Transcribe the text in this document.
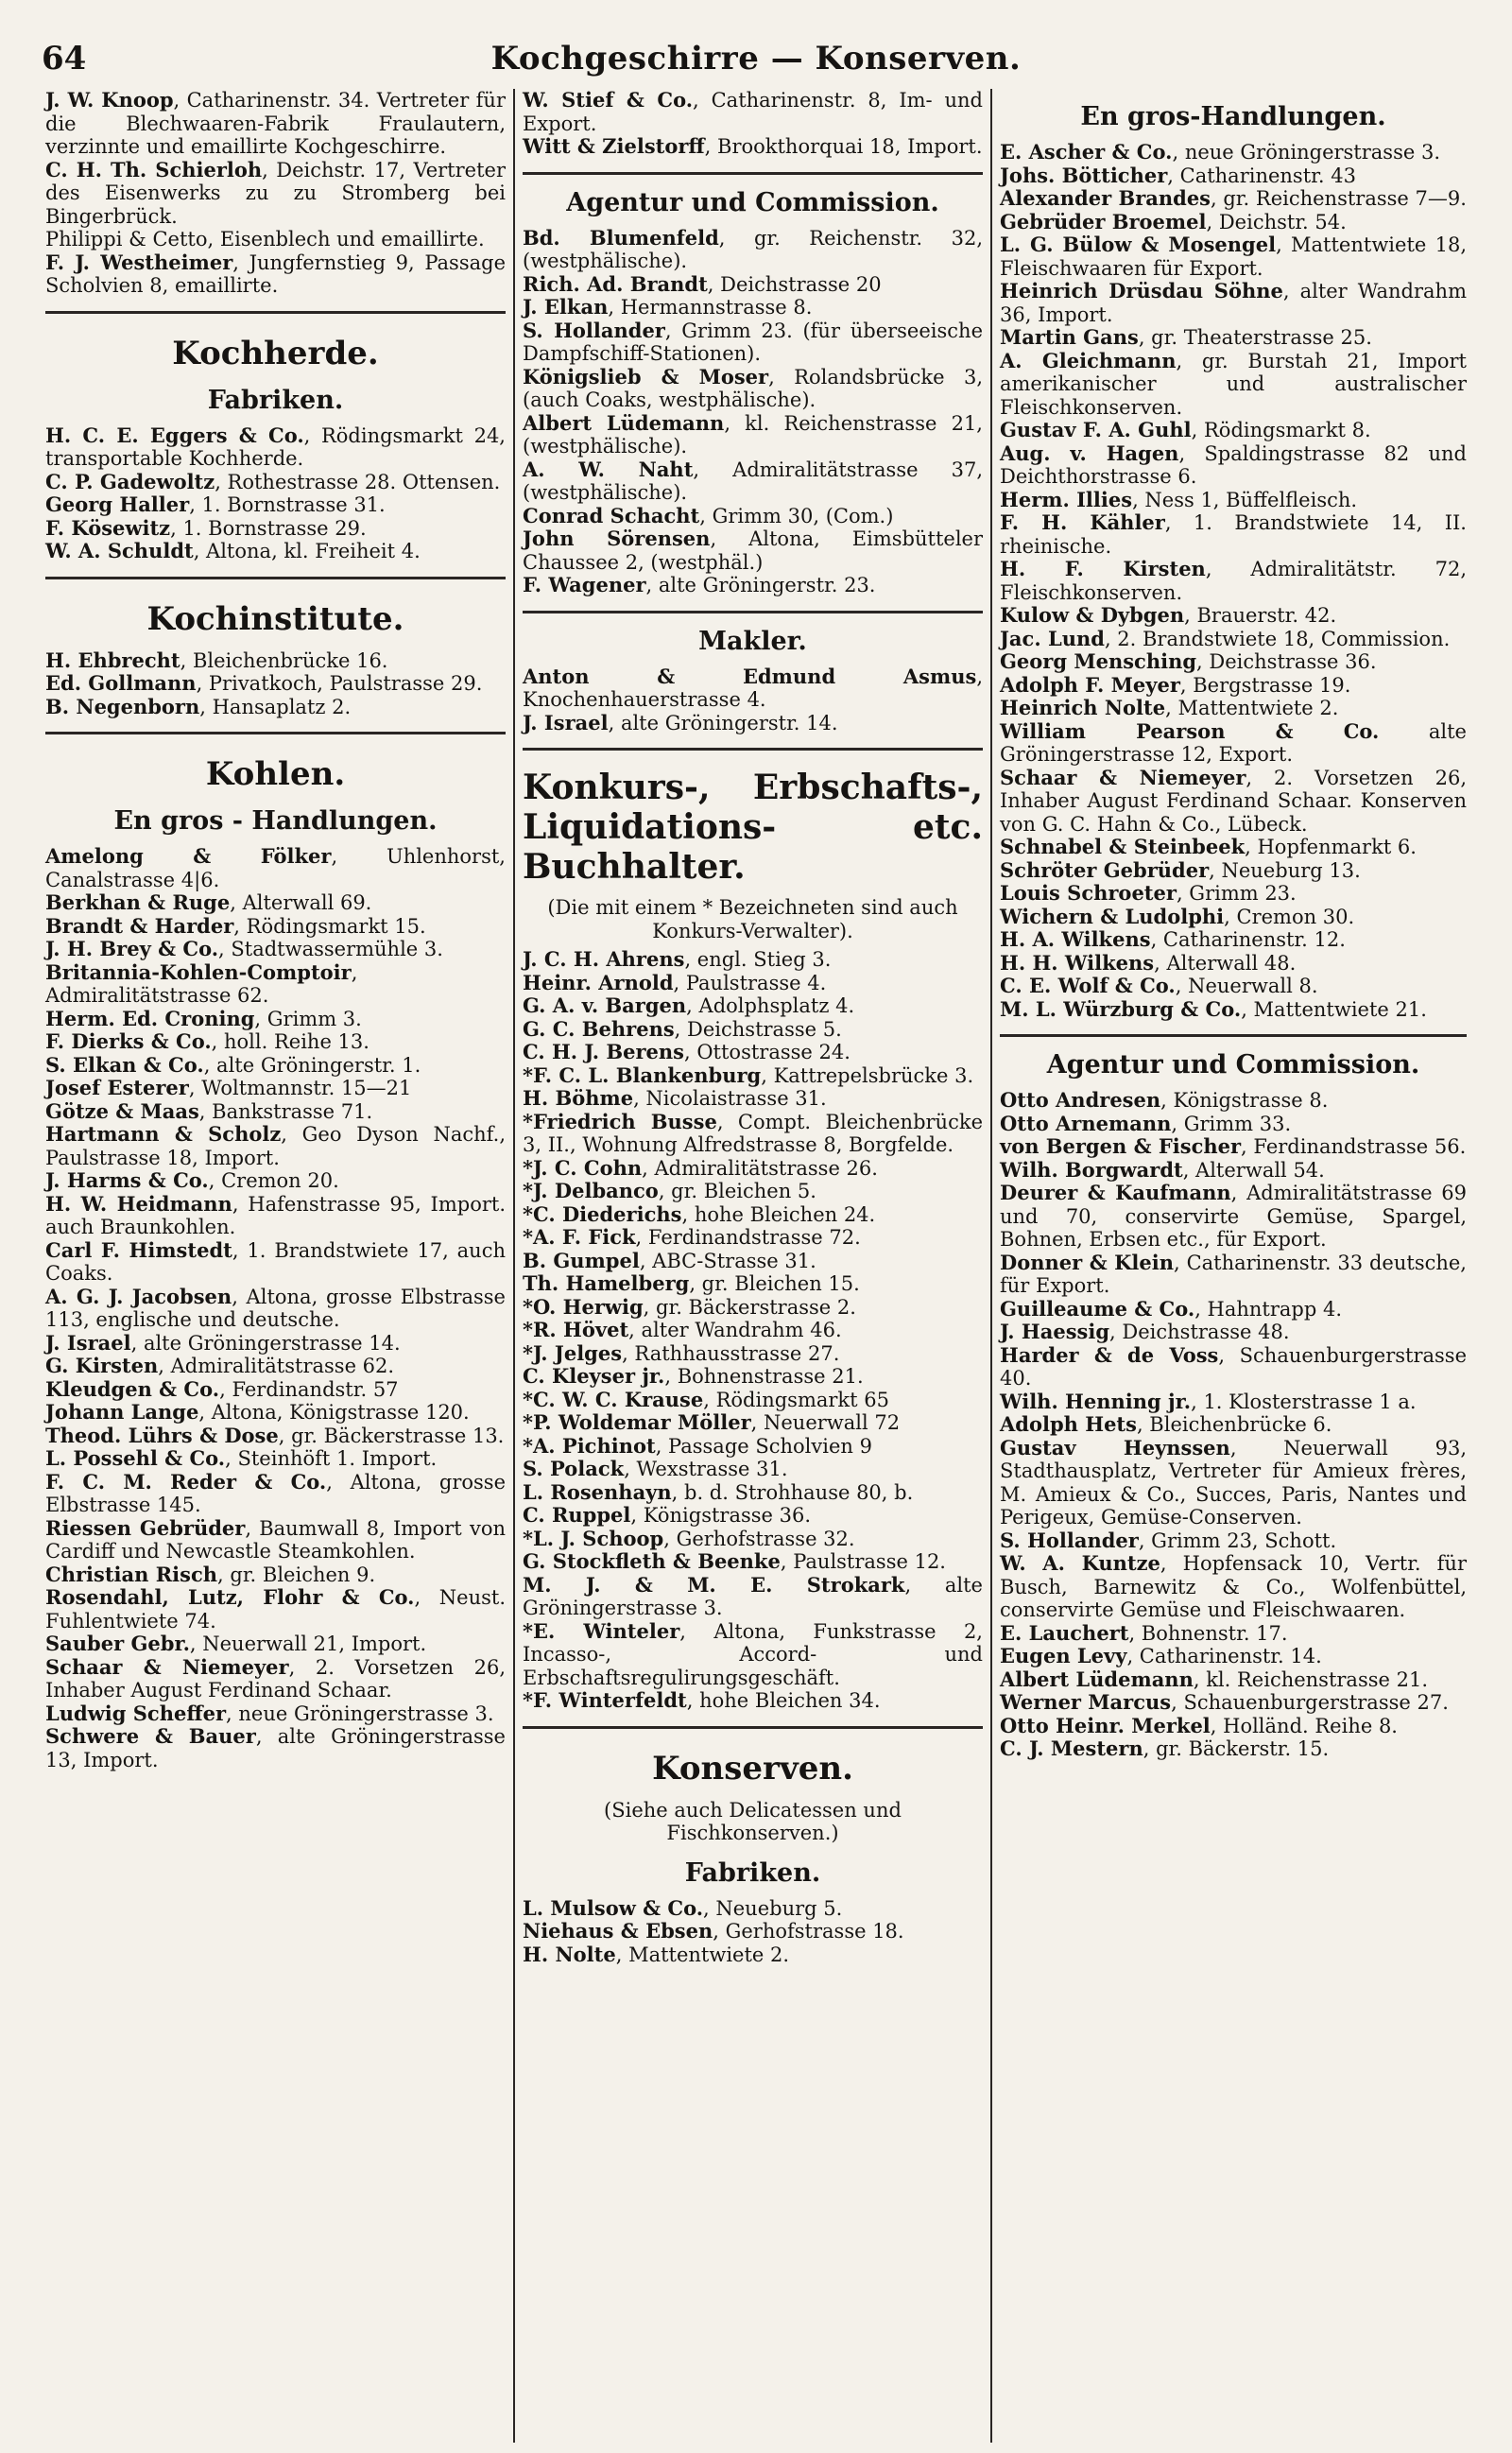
64	Kochgeschirre — Konserven.

J. W. Knoop, Catharinenstr. 34. Vertreter für die Blechwaaren-Fabrik Fraulautern, verzinnte und emaillirte Kochgeschirre.

C. H. Th. Schierloh, Deichstr. 17, Vertreter des Eisenwerks zu zu Stromberg bei Bingerbrück.

Philippi & Cetto, Eisenblech und emaillirte.

F. J. Westheimer, Jungfernstieg 9, Passage Scholvien 8, emaillirte.

Kochherde.
Fabriken.

H. C. E. Eggers & Co., Rödingsmarkt 24, transportable Kochherde.

C. P. Gadewoltz, Rothestrasse 28. Ottensen.

Georg Haller, 1. Bornstrasse 31.

F. Kösewitz, 1. Bornstrasse 29.

W. A. Schuldt, Altona, kl. Freiheit 4.

Kochinstitute.

H. Ehbrecht, Bleichenbrücke 16.

Ed. Gollmann, Privatkoch, Paulstrasse 29.

B. Negenborn, Hansaplatz 2.

Kohlen.
En gros - Handlungen.

Amelong & Fölker, Uhlenhorst, Canalstrasse 4|6.

Berkhan & Ruge, Alterwall 69.

Brandt & Harder, Rödingsmarkt 15.

J. H. Brey & Co., Stadtwassermühle 3.

Britannia-Kohlen-Comptoir, Admiralitätstrasse 62.

Herm. Ed. Croning, Grimm 3.

F. Dierks & Co., holl. Reihe 13.

S. Elkan & Co., alte Gröningerstr. 1.

Josef Esterer, Woltmannstr. 15—21

Götze & Maas, Bankstrasse 71.

Hartmann & Scholz, Geo Dyson Nachf., Paulstrasse 18, Import.

J. Harms & Co., Cremon 20.

H. W. Heidmann, Hafenstrasse 95, Import. auch Braunkohlen.

Carl F. Himstedt, 1. Brandstwiete 17, auch Coaks.

A. G. J. Jacobsen, Altona, grosse Elbstrasse 113, englische und deutsche.

J. Israel, alte Gröningerstrasse 14.

G. Kirsten, Admiralitätstrasse 62.

Kleudgen & Co., Ferdinandstr. 57

Johann Lange, Altona, Königstrasse 120.

Theod. Lührs & Dose, gr. Bäckerstrasse 13.

L. Possehl & Co., Steinhöft 1. Import.

F. C. M. Reder & Co., Altona, grosse Elbstrasse 145.

Riessen Gebrüder, Baumwall 8, Import von Cardiff und Newcastle Steamkohlen.

Christian Risch, gr. Bleichen 9.

Rosendahl, Lutz, Flohr & Co., Neust. Fuhlentwiete 74.

Sauber Gebr., Neuerwall 21, Import.

Schaar & Niemeyer, 2. Vorsetzen 26, Inhaber August Ferdinand Schaar.

Ludwig Scheffer, neue Gröningerstrasse 3.

Schwere & Bauer, alte Gröningerstrasse 13, Import.

W. Stief & Co., Catharinenstr. 8, Im- und Export.

Witt & Zielstorff, Brookthorquai 18, Import.

Agentur und Commission.

Bd. Blumenfeld, gr. Reichenstr. 32, (westphälische).

Rich. Ad. Brandt, Deichstrasse 20

J. Elkan, Hermannstrasse 8.

S. Hollander, Grimm 23. (für überseeische Dampfschiff-Stationen).

Königslieb & Moser, Rolandsbrücke 3, (auch Coaks, westphälische).

Albert Lüdemann, kl. Reichenstrasse 21, (westphälische).

A. W. Naht, Admiralitätstrasse 37, (westphälische).

Conrad Schacht, Grimm 30, (Com.)

John Sörensen, Altona, Eimsbütteler Chaussee 2, (westphäl.)

F. Wagener, alte Gröningerstr. 23.

Makler.

Anton & Edmund Asmus, Knochenhauerstrasse 4.

J. Israel, alte Gröningerstr. 14.

Konkurs-, Erbschafts-, Liquidations- etc. Buchhalter.

(Die mit einem * Bezeichneten sind auch Konkurs-Verwalter).

J. C. H. Ahrens, engl. Stieg 3.

Heinr. Arnold, Paulstrasse 4.

G. A. v. Bargen, Adolphsplatz 4.

G. C. Behrens, Deichstrasse 5.

C. H. J. Berens, Ottostrasse 24.

*F. C. L. Blankenburg, Kattrepelsbrücke 3.

H. Böhme, Nicolaistrasse 31.

*Friedrich Busse, Compt. Bleichenbrücke 3, II., Wohnung Alfredstrasse 8, Borgfelde.

*J. C. Cohn, Admiralitätstrasse 26.

*J. Delbanco, gr. Bleichen 5.

*C. Diederichs, hohe Bleichen 24.

*A. F. Fick, Ferdinandstrasse 72.

B. Gumpel, ABC-Strasse 31.

Th. Hamelberg, gr. Bleichen 15.

*O. Herwig, gr. Bäckerstrasse 2.

*R. Hövet, alter Wandrahm 46.

*J. Jelges, Rathhausstrasse 27.

C. Kleyser jr., Bohnenstrasse 21.

*C. W. C. Krause, Rödingsmarkt 65

*P. Woldemar Möller, Neuerwall 72

*A. Pichinot, Passage Scholvien 9

S. Polack, Wexstrasse 31.

L. Rosenhayn, b. d. Strohhause 80, b.

C. Ruppel, Königstrasse 36.

*L. J. Schoop, Gerhofstrasse 32.

G. Stockfleth & Beenke, Paulstrasse 12.

M. J. & M. E. Strokark, alte Gröningerstrasse 3.

*E. Winteler, Altona, Funkstrasse 2, Incasso-, Accord- und Erbschaftsregulirungsgeschäft.

*F. Winterfeldt, hohe Bleichen 34.

Konserven.

(Siehe auch Delicatessen und Fischkonserven.)

Fabriken.

L. Mulsow & Co., Neueburg 5.

Niehaus & Ebsen, Gerhofstrasse 18.

H. Nolte, Mattentwiete 2.

En gros-Handlungen.

E. Ascher & Co., neue Gröningerstrasse 3.

Johs. Bötticher, Catharinenstr. 43

Alexander Brandes, gr. Reichenstrasse 7—9.

Gebrüder Broemel, Deichstr. 54.

L. G. Bülow & Mosengel, Mattentwiete 18, Fleischwaaren für Export.

Heinrich Drüsdau Söhne, alter Wandrahm 36, Import.

Martin Gans, gr. Theaterstrasse 25.

A. Gleichmann, gr. Burstah 21, Import amerikanischer und australischer Fleischkonserven.

Gustav F. A. Guhl, Rödingsmarkt 8.

Aug. v. Hagen, Spaldingstrasse 82 und Deichthorstrasse 6.

Herm. Illies, Ness 1, Büffelfleisch.

F. H. Kähler, 1. Brandstwiete 14, II. rheinische.

H. F. Kirsten, Admiralitätstr. 72, Fleischkonserven.

Kulow & Dybgen, Brauerstr. 42.

Jac. Lund, 2. Brandstwiete 18, Commission.

Georg Mensching, Deichstrasse 36.

Adolph F. Meyer, Bergstrasse 19.

Heinrich Nolte, Mattentwiete 2.

William Pearson & Co. alte Gröningerstrasse 12, Export.

Schaar & Niemeyer, 2. Vorsetzen 26, Inhaber August Ferdinand Schaar. Konserven von G. C. Hahn & Co., Lübeck.

Schnabel & Steinbeek, Hopfenmarkt 6.

Schröter Gebrüder, Neueburg 13.

Louis Schroeter, Grimm 23.

Wichern & Ludolphi, Cremon 30.

H. A. Wilkens, Catharinenstr. 12.

H. H. Wilkens, Alterwall 48.

C. E. Wolf & Co., Neuerwall 8.

M. L. Würzburg & Co., Mattentwiete 21.

Agentur und Commission.

Otto Andresen, Königstrasse 8.

Otto Arnemann, Grimm 33.

von Bergen & Fischer, Ferdinandstrasse 56.

Wilh. Borgwardt, Alterwall 54.

Deurer & Kaufmann, Admiralitätstrasse 69 und 70, conservirte Gemüse, Spargel, Bohnen, Erbsen etc., für Export.

Donner & Klein, Catharinenstr. 33 deutsche, für Export.

Guilleaume & Co., Hahntrapp 4.

J. Haessig, Deichstrasse 48.

Harder & de Voss, Schauenburgerstrasse 40.

Wilh. Henning jr., 1. Klosterstrasse 1 a.

Adolph Hets, Bleichenbrücke 6.

Gustav Heynssen, Neuerwall 93, Stadthausplatz, Vertreter für Amieux frères, M. Amieux & Co., Succes, Paris, Nantes und Perigeux, Gemüse-Conserven.

S. Hollander, Grimm 23, Schott.

W. A. Kuntze, Hopfensack 10, Vertr. für Busch, Barnewitz & Co., Wolfenbüttel, conservirte Gemüse und Fleischwaaren.

E. Lauchert, Bohnenstr. 17.

Eugen Levy, Catharinenstr. 14.

Albert Lüdemann, kl. Reichenstrasse 21.

Werner Marcus, Schauenburgerstrasse 27.

Otto Heinr. Merkel, Holländ. Reihe 8.

C. J. Mestern, gr. Bäckerstr. 15.
